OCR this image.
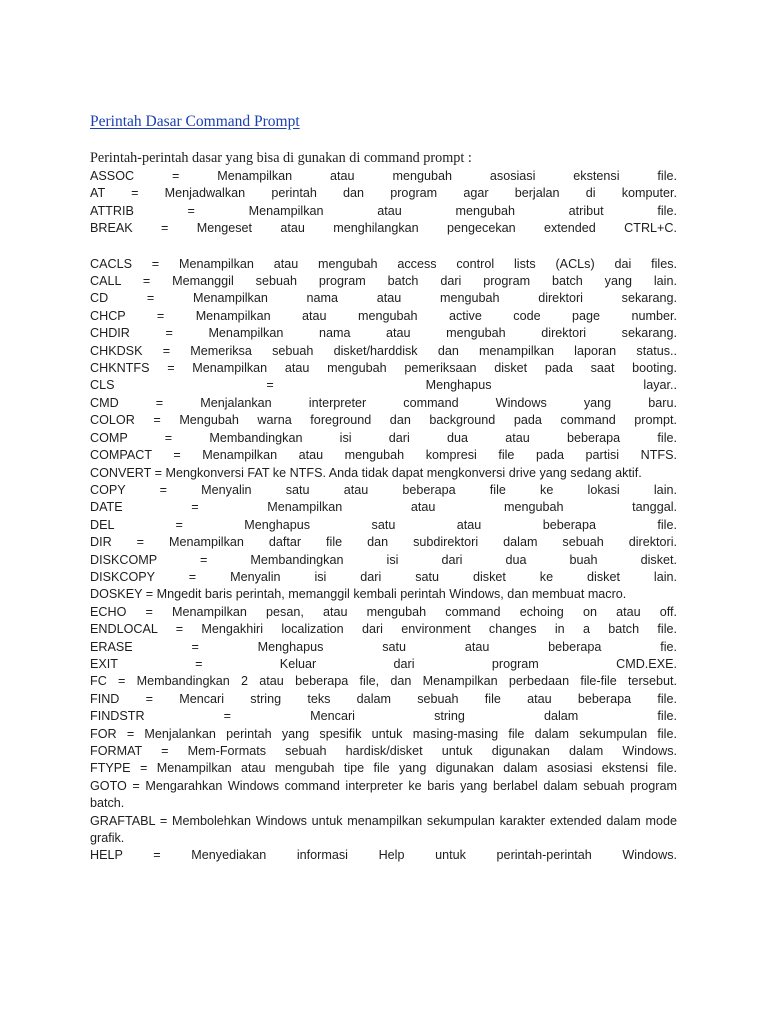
Perintah Dasar Command Prompt
Perintah-perintah dasar yang bisa di gunakan di command prompt :
ASSOC = Menampilkan atau mengubah asosiasi ekstensi file.
AT = Menjadwalkan perintah dan program agar berjalan di komputer.
ATTRIB = Menampilkan atau mengubah atribut file.
BREAK = Mengeset atau menghilangkan pengecekan extended CTRL+C.
CACLS = Menampilkan atau mengubah access control lists (ACLs) dai files.
CALL = Memanggil sebuah program batch dari program batch yang lain.
CD = Menampilkan nama atau mengubah direktori sekarang.
CHCP = Menampilkan atau mengubah active code page number.
CHDIR = Menampilkan nama atau mengubah direktori sekarang.
CHKDSK = Memeriksa sebuah disket/harddisk dan menampilkan laporan status..
CHKNTFS = Menampilkan atau mengubah pemeriksaan disket pada saat booting.
CLS = Menghapus layar..
CMD = Menjalankan interpreter command Windows yang baru.
COLOR = Mengubah warna foreground dan background pada command prompt.
COMP = Membandingkan isi dari dua atau beberapa file.
COMPACT = Menampilkan atau mengubah kompresi file pada partisi NTFS.
CONVERT = Mengkonversi FAT ke NTFS. Anda tidak dapat mengkonversi drive yang sedang aktif.
COPY = Menyalin satu atau beberapa file ke lokasi lain.
DATE = Menampilkan atau mengubah tanggal.
DEL = Menghapus satu atau beberapa file.
DIR = Menampilkan daftar file dan subdirektori dalam sebuah direktori.
DISKCOMP = Membandingkan isi dari dua buah disket.
DISKCOPY = Menyalin isi dari satu disket ke disket lain.
DOSKEY = Mngedit baris perintah, memanggil kembali perintah Windows, dan membuat macro.
ECHO = Menampilkan pesan, atau mengubah command echoing on atau off.
ENDLOCAL = Mengakhiri localization dari environment changes in a batch file.
ERASE = Menghapus satu atau beberapa fie.
EXIT = Keluar dari program CMD.EXE.
FC = Membandingkan 2 atau beberapa file, dan Menampilkan perbedaan file-file tersebut.
FIND = Mencari string teks dalam sebuah file atau beberapa file.
FINDSTR = Mencari string dalam file.
FOR = Menjalankan perintah yang spesifik untuk masing-masing file dalam sekumpulan file.
FORMAT = Mem-Formats sebuah hardisk/disket untuk digunakan dalam Windows.
FTYPE = Menampilkan atau mengubah tipe file yang digunakan dalam asosiasi ekstensi file.
GOTO = Mengarahkan Windows command interpreter ke baris yang berlabel dalam sebuah program batch.
GRAFTABL = Membolehkan Windows untuk menampilkan sekumpulan karakter extended dalam mode grafik.
HELP = Menyediakan informasi Help untuk perintah-perintah Windows.
